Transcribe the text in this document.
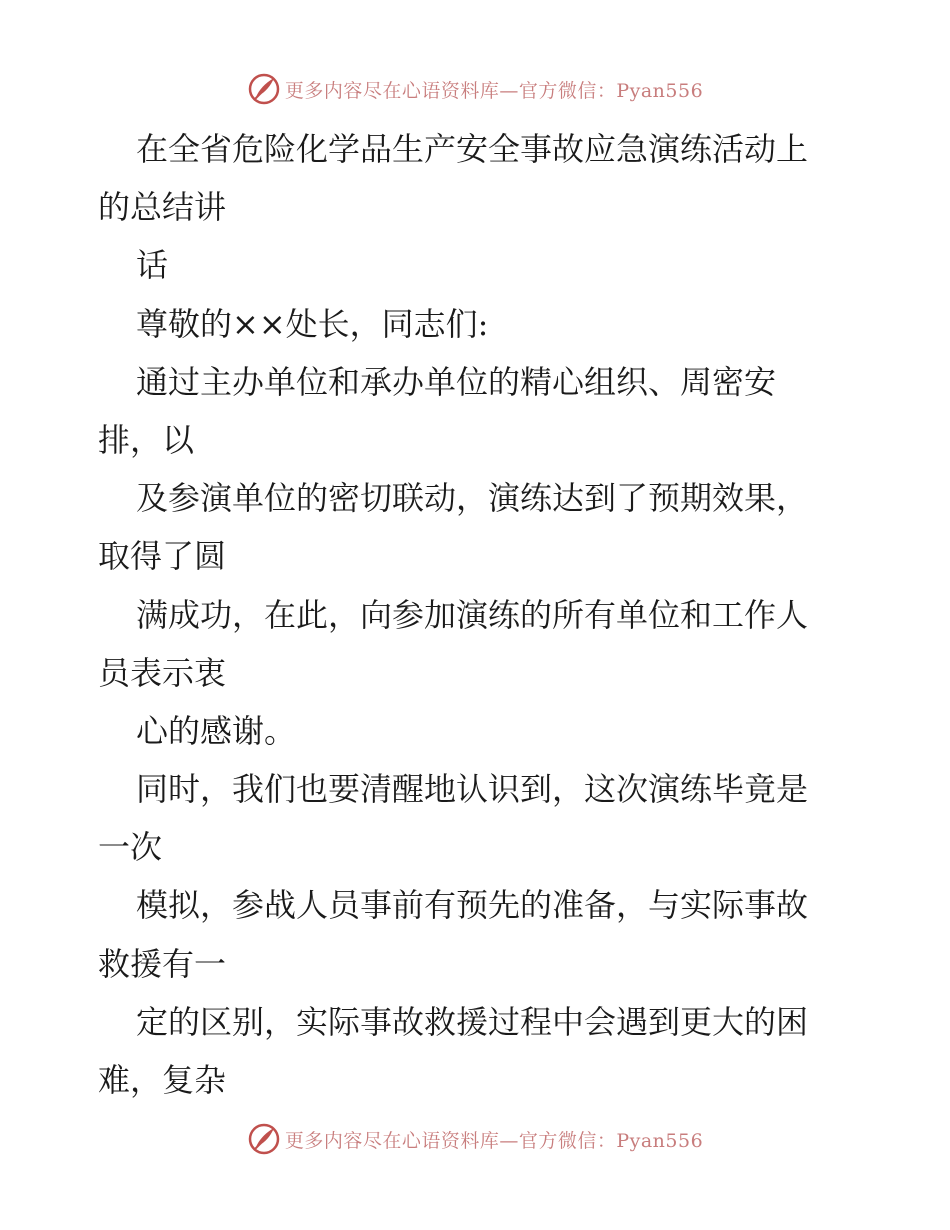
更多内容尽在心语资料库—官方微信：Pyan556
在全省危险化学品生产安全事故应急演练活动上
的总结讲
话
尊敬的××处长，同志们:
通过主办单位和承办单位的精心组织、周密安
排，以
及参演单位的密切联动，演练达到了预期效果，
取得了圆
满成功，在此，向参加演练的所有单位和工作人
员表示衷
心的感谢。
同时，我们也要清醒地认识到，这次演练毕竟是
一次
模拟，参战人员事前有预先的准备，与实际事故
救援有一
定的区别，实际事故救援过程中会遇到更大的困
难，复杂
更多内容尽在心语资料库—官方微信：Pyan556
